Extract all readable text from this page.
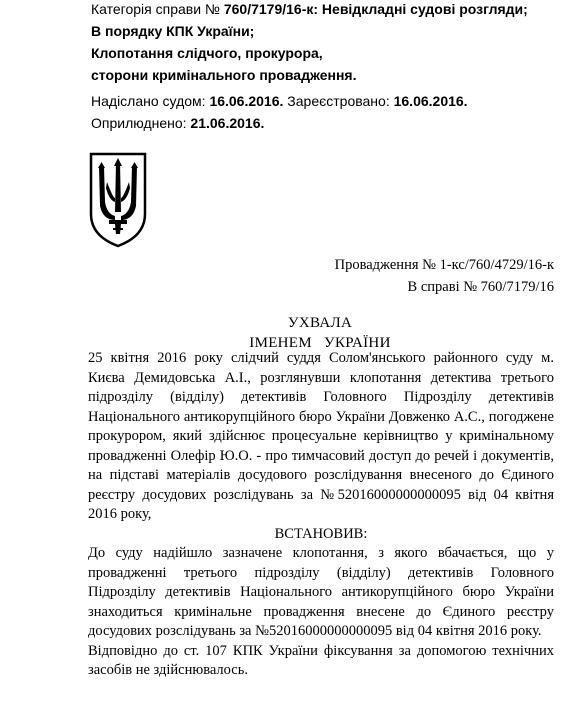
Категорія справи № 760/7179/16-к: Невідкладні судові розгляди;
В порядку КПК України;
Клопотання слідчого, прокурора,
сторони кримінального провадження.
Надіслано судом: 16.06.2016. Зареєстровано: 16.06.2016.
Оприлюднено: 21.06.2016.
Провадження № 1-кс/760/4729/16-к
В справі № 760/7179/16
УХВАЛА
ІМЕНЕМ   УКРАЇНИ

25 квітня 2016 року слідчий суддя Солом'янського районного суду м. Києва Демидовська А.І., розглянувши клопотання детектива третього підрозділу (відділу) детективів Головного Підрозділу детективів Національного антикорупційного бюро України Довженко А.С., погоджене прокурором, який здійснює процесуальне керівництво у кримінальному провадженні Олефір Ю.О. - про тимчасовий доступ до речей і документів, на підставі матеріалів досудового розслідування внесеного до Єдиного реєстру досудових розслідувань за №52016000000000095 від 04 квітня 2016 року,

ВСТАНОВИВ:

До суду надійшло зазначене клопотання, з якого вбачається, що у провадженні третього підрозділу (відділу) детективів Головного Підрозділу детективів Національного антикорупційного бюро України знаходиться кримінальне провадження внесене до Єдиного реєстру досудових розслідувань за №52016000000000095 від 04 квітня 2016 року.

Відповідно до ст. 107 КПК України фіксування за допомогою технічних засобів не здійснювалось.
